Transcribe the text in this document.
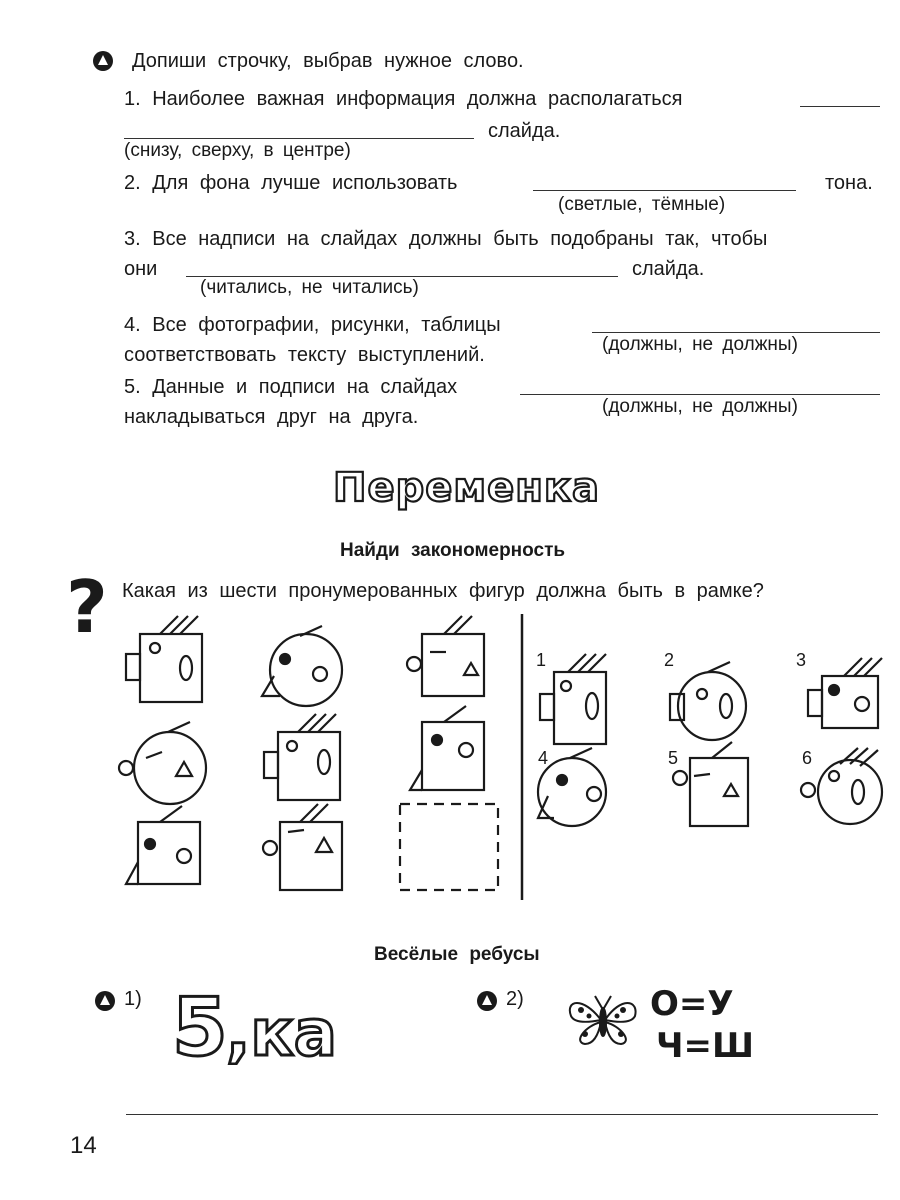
Допиши строчку, выбрав нужное слово.
1. Наиболее важная информация должна располагаться
слайда.
(снизу, сверху, в центре)
2. Для фона лучше использовать	тона.
(светлые, тёмные)
3. Все надписи на слайдах должны быть подобраны так, чтобы
они	слайда.
(читались, не читались)
4. Все фотографии, рисунки, таблицы
соответствовать тексту выступлений.	(должны, не должны)
5. Данные и подписи на слайдах
накладываться друг на друга.	(должны, не должны)
Переменка
Найди закономерность
? Какая из шести пронумерованных фигур должна быть в рамке?
1	2	3
4	5	6
Весёлые ребусы
1) 5
,ка	2)	О=У
Ч=Ш
14
